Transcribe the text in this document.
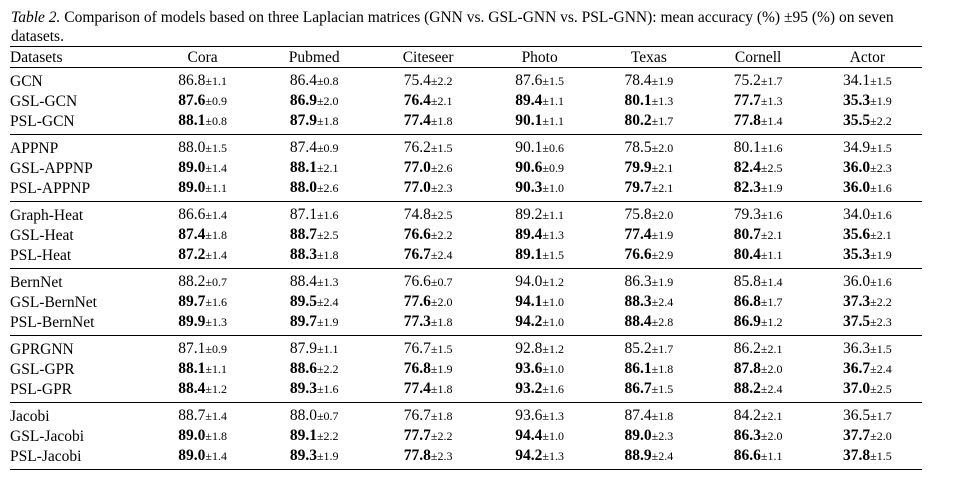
Table 2. Comparison of models based on three Laplacian matrices (GNN vs. GSL-GNN vs. PSL-GNN): mean accuracy (%) ±95 (%) on seven datasets.
Datasets	Cora	Pubmed	Citeseer	Photo	Texas	Cornell	Actor
GCN	86.8±1.1	86.4±0.8	75.4±2.2	87.6±1.5	78.4±1.9	75.2±1.7	34.1±1.5
GSL-GCN	87.6±0.9	86.9±2.0	76.4±2.1	89.4±1.1	80.1±1.3	77.7±1.3	35.3±1.9
PSL-GCN	88.1±0.8	87.9±1.8	77.4±1.8	90.1±1.1	80.2±1.7	77.8±1.4	35.5±2.2
APPNP	88.0±1.5	87.4±0.9	76.2±1.5	90.1±0.6	78.5±2.0	80.1±1.6	34.9±1.5
GSL-APPNP	89.0±1.4	88.1±2.1	77.0±2.6	90.6±0.9	79.9±2.1	82.4±2.5	36.0±2.3
PSL-APPNP	89.0±1.1	88.0±2.6	77.0±2.3	90.3±1.0	79.7±2.1	82.3±1.9	36.0±1.6
Graph-Heat	86.6±1.4	87.1±1.6	74.8±2.5	89.2±1.1	75.8±2.0	79.3±1.6	34.0±1.6
GSL-Heat	87.4±1.8	88.7±2.5	76.6±2.2	89.4±1.3	77.4±1.9	80.7±2.1	35.6±2.1
PSL-Heat	87.2±1.4	88.3±1.8	76.7±2.4	89.1±1.5	76.6±2.9	80.4±1.1	35.3±1.9
BernNet	88.2±0.7	88.4±1.3	76.6±0.7	94.0±1.2	86.3±1.9	85.8±1.4	36.0±1.6
GSL-BernNet	89.7±1.6	89.5±2.4	77.6±2.0	94.1±1.0	88.3±2.4	86.8±1.7	37.3±2.2
PSL-BernNet	89.9±1.3	89.7±1.9	77.3±1.8	94.2±1.0	88.4±2.8	86.9±1.2	37.5±2.3
GPRGNN	87.1±0.9	87.9±1.1	76.7±1.5	92.8±1.2	85.2±1.7	86.2±2.1	36.3±1.5
GSL-GPR	88.1±1.1	88.6±2.2	76.8±1.9	93.6±1.0	86.1±1.8	87.8±2.0	36.7±2.4
PSL-GPR	88.4±1.2	89.3±1.6	77.4±1.8	93.2±1.6	86.7±1.5	88.2±2.4	37.0±2.5
Jacobi	88.7±1.4	88.0±0.7	76.7±1.8	93.6±1.3	87.4±1.8	84.2±2.1	36.5±1.7
GSL-Jacobi	89.0±1.8	89.1±2.2	77.7±2.2	94.4±1.0	89.0±2.3	86.3±2.0	37.7±2.0
PSL-Jacobi	89.0±1.4	89.3±1.9	77.8±2.3	94.2±1.3	88.9±2.4	86.6±1.1	37.8±1.5
